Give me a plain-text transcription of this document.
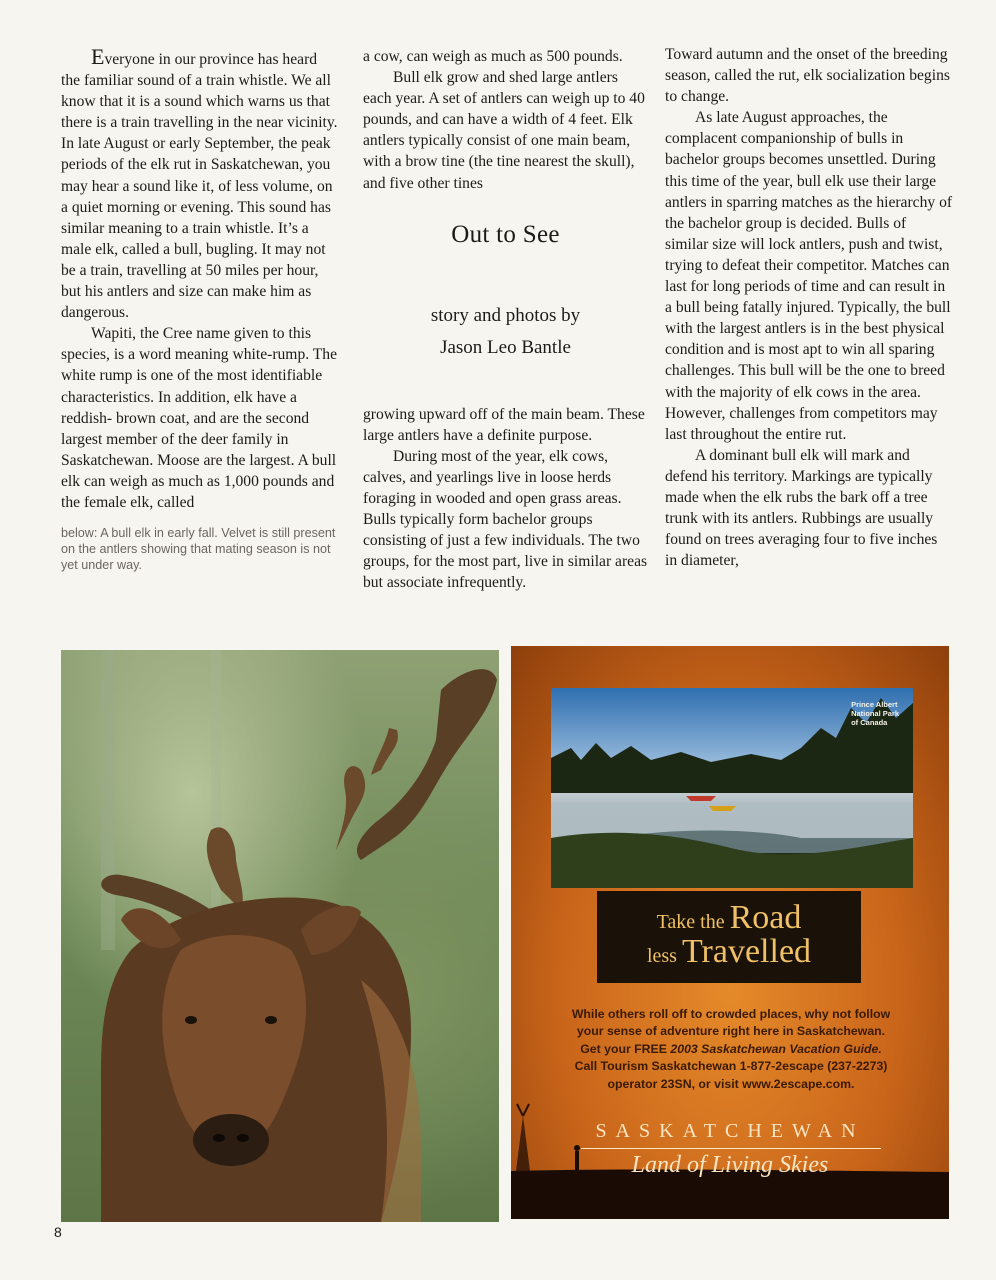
Everyone in our province has heard the familiar sound of a train whistle. We all know that it is a sound which warns us that there is a train travelling in the near vicinity. In late August or early September, the peak periods of the elk rut in Saskatchewan, you may hear a sound like it, of less volume, on a quiet morning or evening. This sound has similar meaning to a train whistle. It’s a male elk, called a bull, bugling. It may not be a train, travelling at 50 miles per hour, but his antlers and size can make him as dangerous.

Wapiti, the Cree name given to this species, is a word meaning white-rump. The white rump is one of the most identifiable characteristics. In addition, elk have a reddish- brown coat, and are the second largest member of the deer family in Saskatchewan. Moose are the largest. A bull elk can weigh as much as 1,000 pounds and the female elk, called

below: A bull elk in early fall. Velvet is still present on the antlers showing that mating season is not yet under way.

a cow, can weigh as much as 500 pounds.

Bull elk grow and shed large antlers each year. A set of antlers can weigh up to 40 pounds, and can have a width of 4 feet. Elk antlers typically consist of one main beam, with a brow tine (the tine nearest the skull), and five other tines

Out to See
story and photos by
Jason Leo Bantle

growing upward off of the main beam. These large antlers have a definite purpose.

During most of the year, elk cows, calves, and yearlings live in loose herds foraging in wooded and open grass areas. Bulls typically form bachelor groups consisting of just a few individuals. The two groups, for the most part, live in similar areas but associate infrequently.

Toward autumn and the onset of the breeding season, called the rut, elk socialization begins to change.

As late August approaches, the complacent companionship of bulls in bachelor groups becomes unsettled. During this time of the year, bull elk use their large antlers in sparring matches as the hierarchy of the bachelor group is decided. Bulls of similar size will lock antlers, push and twist, trying to defeat their competitor. Matches can last for long periods of time and can result in a bull being fatally injured. Typically, the bull with the largest antlers is in the best physical condition and is most apt to win all sparing challenges. This bull will be the one to breed with the majority of elk cows in the area. However, challenges from competitors may last throughout the entire rut.

A dominant bull elk will mark and defend his territory. Markings are typically made when the elk rubs the bark off a tree trunk with its antlers. Rubbings are usually found on trees averaging four to five inches in diameter,

Prince Albert
National Park
of Canada
Take the Road
less Travelled
While others roll off to crowded places, why not follow
your sense of adventure right here in Saskatchewan.
Get your FREE 2003 Saskatchewan Vacation Guide.
Call Tourism Saskatchewan 1-877-2escape (237-2273)
operator 23SN, or visit www.2escape.com.
SASKATCHEWAN
Land of Living Skies
8
